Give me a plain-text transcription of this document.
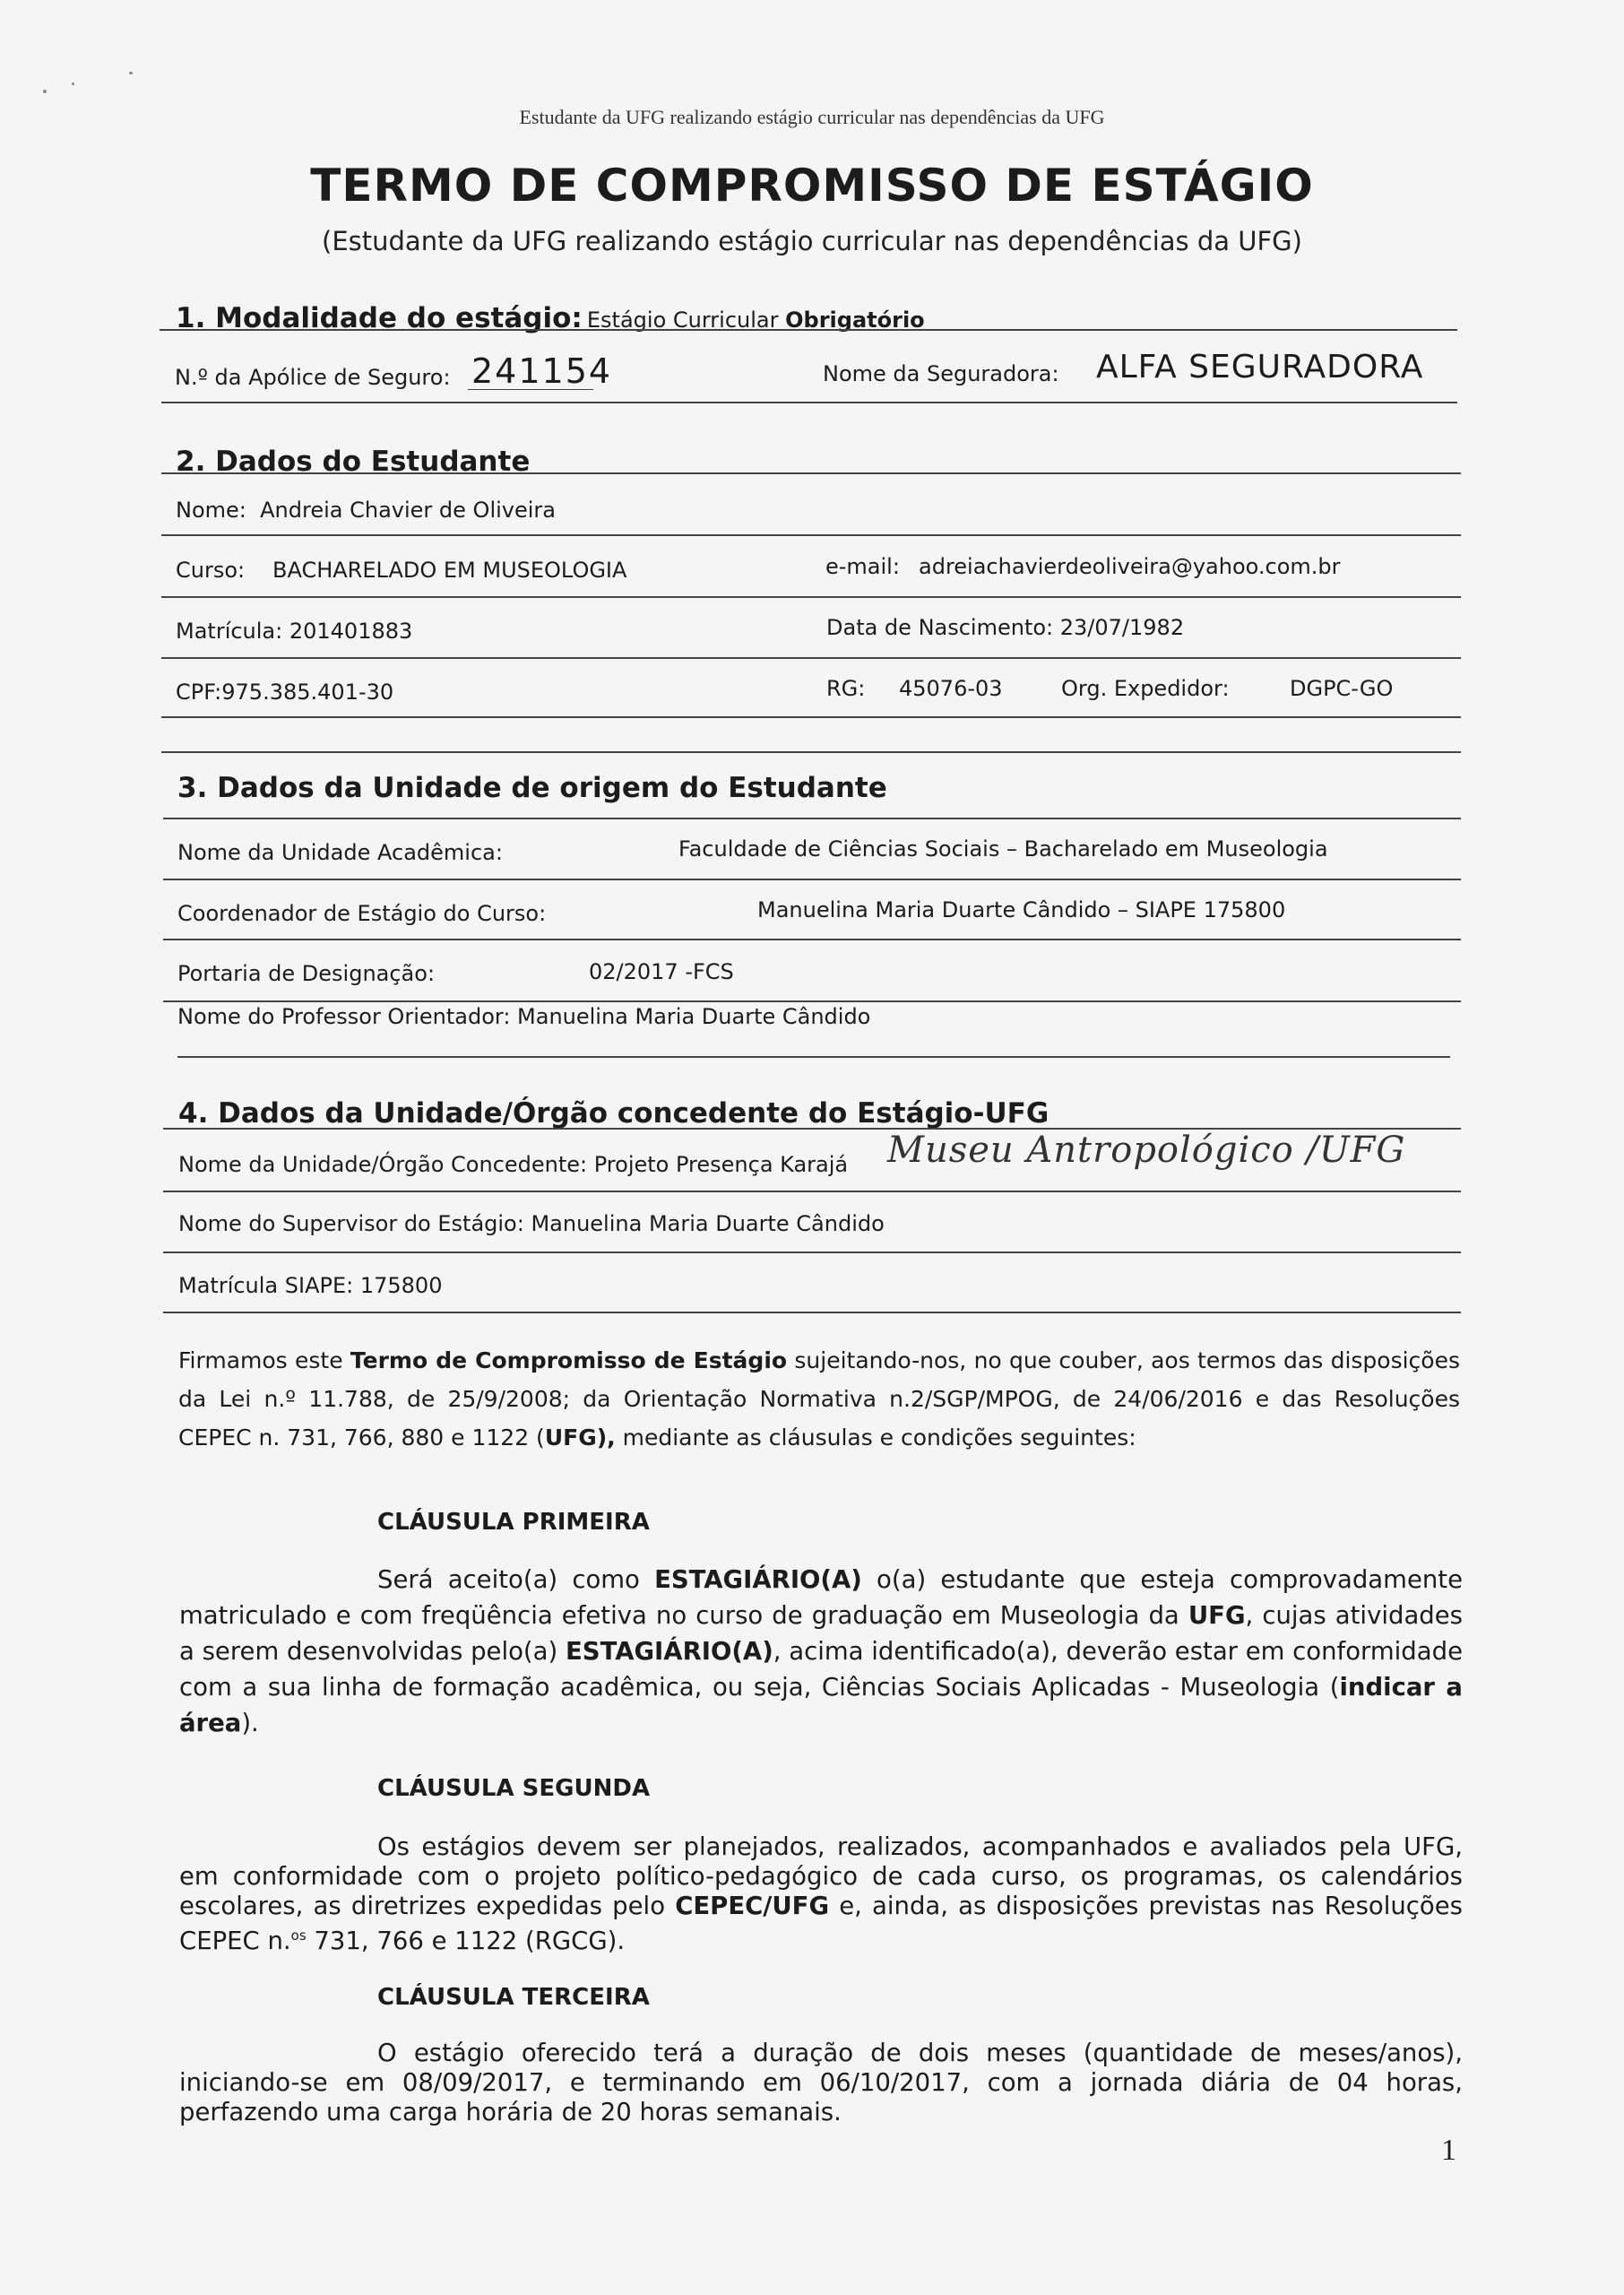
Estudante da UFG realizando estágio curricular nas dependências da UFG
TERMO DE COMPROMISSO DE ESTÁGIO
(Estudante da UFG realizando estágio curricular nas dependências da UFG)
1. Modalidade do estágio: Estágio Curricular Obrigatório
N.º da Apólice de Seguro: 241154	Nome da Seguradora: ALFA SEGURADORA
2. Dados do Estudante
Nome: Andreia Chavier de Oliveira
Curso: BACHARELADO EM MUSEOLOGIA	e-mail: adreiachavierdeoliveira@yahoo.com.br
Matrícula: 201401883	Data de Nascimento: 23/07/1982
CPF:975.385.401-30	RG: 45076-03	Org. Expedidor:	DGPC-GO
3. Dados da Unidade de origem do Estudante
Nome da Unidade Acadêmica:	Faculdade de Ciências Sociais – Bacharelado em Museologia
Coordenador de Estágio do Curso:	Manuelina Maria Duarte Cândido – SIAPE 175800
Portaria de Designação:	02/2017 -FCS
Nome do Professor Orientador: Manuelina Maria Duarte Cândido
4. Dados da Unidade/Órgão concedente do Estágio-UFG
Nome da Unidade/Órgão Concedente: Projeto Presença Karajá Museu Antropológico /UFG
Nome do Supervisor do Estágio: Manuelina Maria Duarte Cândido
Matrícula SIAPE: 175800
Firmamos este Termo de Compromisso de Estágio sujeitando-nos, no que couber, aos termos das disposições da Lei n.º 11.788, de 25/9/2008; da Orientação Normativa n.2/SGP/MPOG, de 24/06/2016 e das Resoluções CEPEC n. 731, 766, 880 e 1122 (UFG), mediante as cláusulas e condições seguintes:
CLÁUSULA PRIMEIRA
Será aceito(a) como ESTAGIÁRIO(A) o(a) estudante que esteja comprovadamente matriculado e com freqüência efetiva no curso de graduação em Museologia da UFG, cujas atividades a serem desenvolvidas pelo(a) ESTAGIÁRIO(A), acima identificado(a), deverão estar em conformidade com a sua linha de formação acadêmica, ou seja, Ciências Sociais Aplicadas - Museologia (indicar a área).
CLÁUSULA SEGUNDA
Os estágios devem ser planejados, realizados, acompanhados e avaliados pela UFG, em conformidade com o projeto político-pedagógico de cada curso, os programas, os calendários escolares, as diretrizes expedidas pelo CEPEC/UFG e, ainda, as disposições previstas nas Resoluções CEPEC n.$^{os}$ 731, 766 e 1122 (RGCG).
CLÁUSULA TERCEIRA
O estágio oferecido terá a duração de dois meses (quantidade de meses/anos), iniciando-se em 08/09/2017, e terminando em 06/10/2017, com a jornada diária de 04 horas, perfazendo uma carga horária de 20 horas semanais.
1
